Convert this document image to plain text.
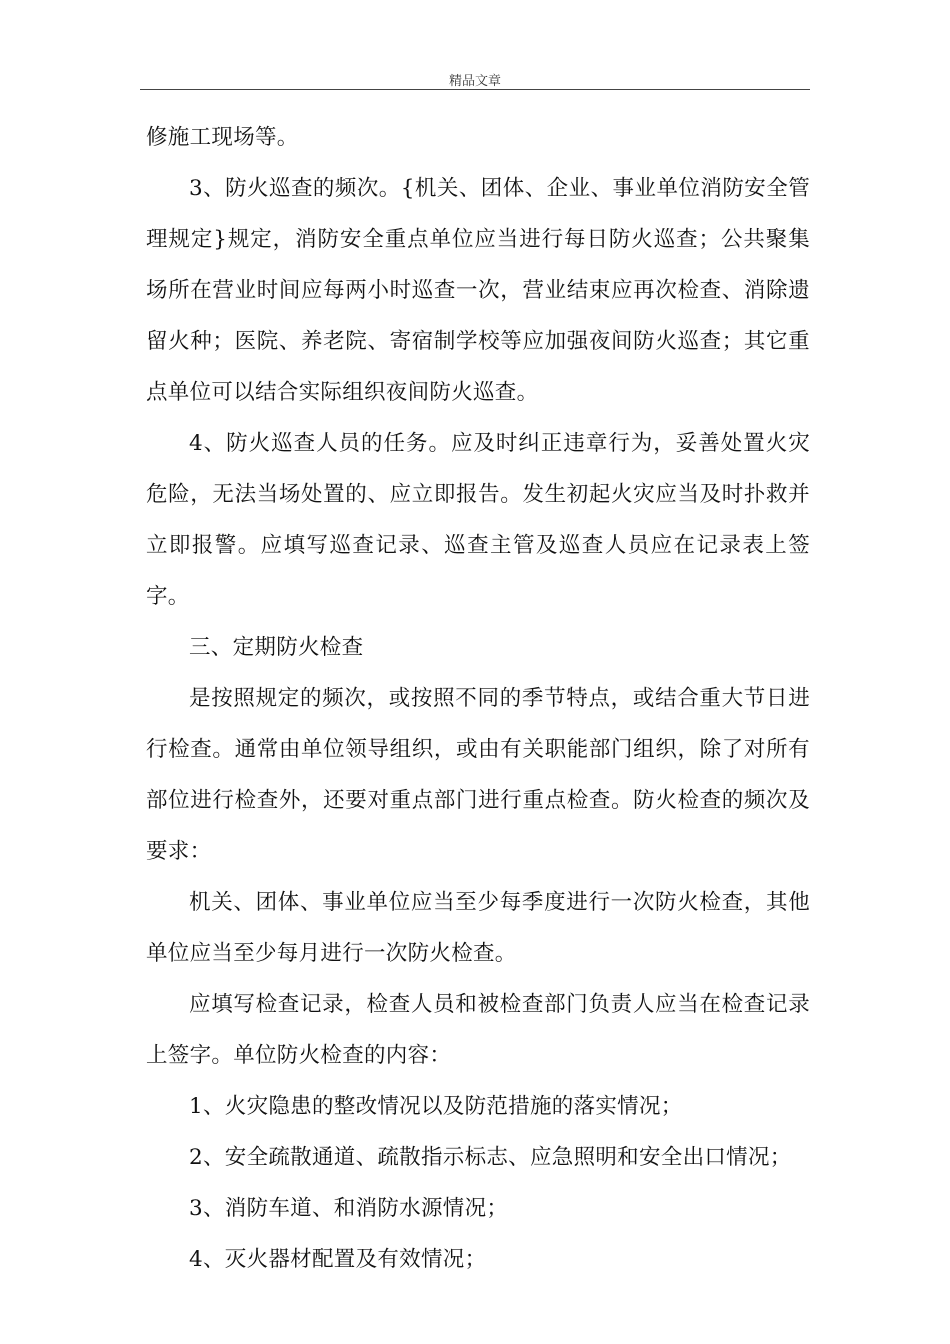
精品文章

修施工现场等。

3、防火巡查的频次。{机关、团体、企业、事业单位消防安全管理规定}规定，消防安全重点单位应当进行每日防火巡查；公共聚集场所在营业时间应每两小时巡查一次，营业结束应再次检查、消除遗留火种；医院、养老院、寄宿制学校等应加强夜间防火巡查；其它重点单位可以结合实际组织夜间防火巡查。

4、防火巡查人员的任务。应及时纠正违章行为，妥善处置火灾危险，无法当场处置的、应立即报告。发生初起火灾应当及时扑救并立即报警。应填写巡查记录、巡查主管及巡查人员应在记录表上签字。

三、定期防火检查

是按照规定的频次，或按照不同的季节特点，或结合重大节日进行检查。通常由单位领导组织，或由有关职能部门组织，除了对所有部位进行检查外，还要对重点部门进行重点检查。防火检查的频次及要求：

机关、团体、事业单位应当至少每季度进行一次防火检查，其他单位应当至少每月进行一次防火检查。

应填写检查记录，检查人员和被检查部门负责人应当在检查记录上签字。单位防火检查的内容：

1、火灾隐患的整改情况以及防范措施的落实情况；

2、安全疏散通道、疏散指示标志、应急照明和安全出口情况；

3、消防车道、和消防水源情况；

4、灭火器材配置及有效情况；
